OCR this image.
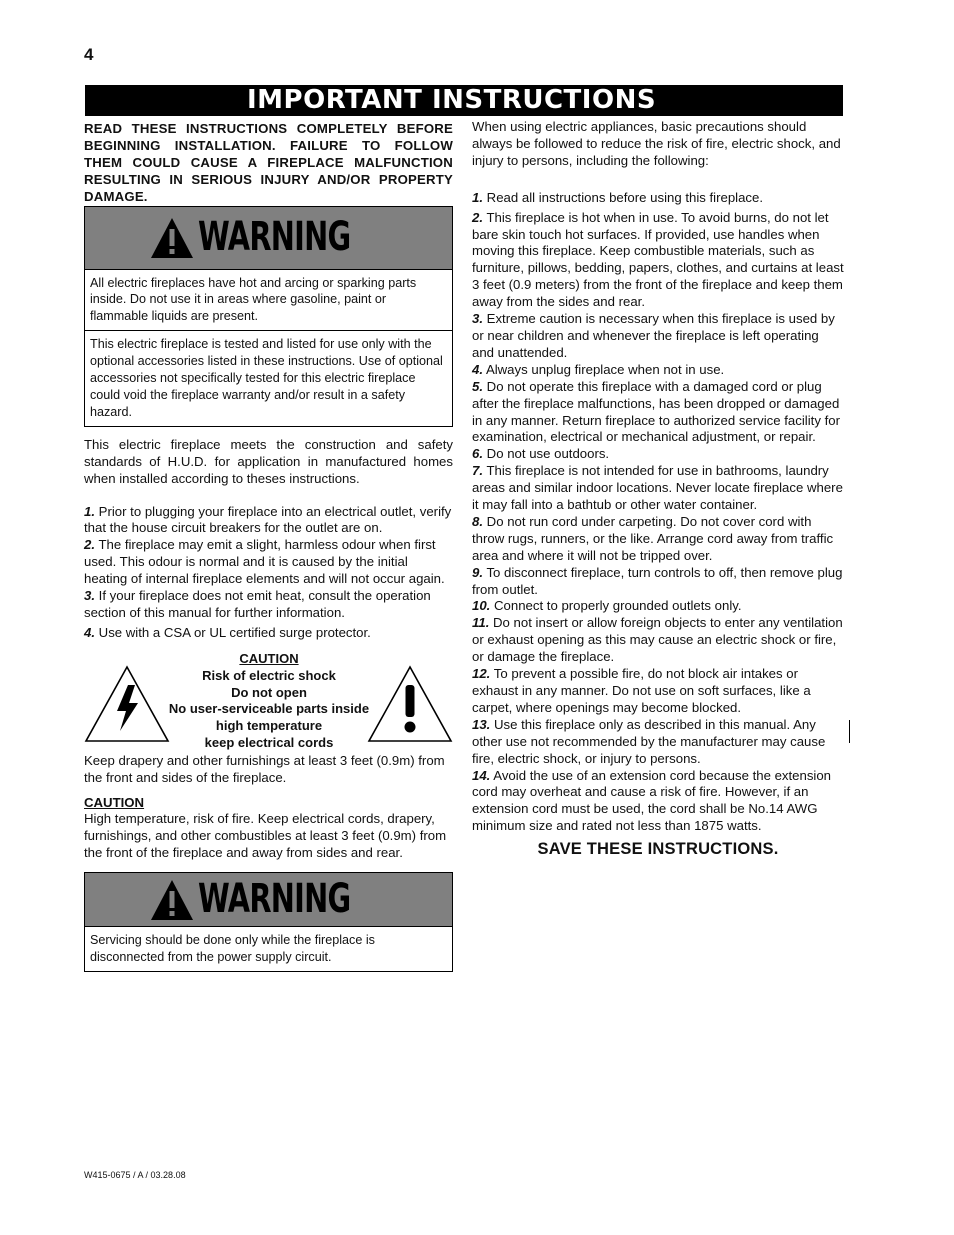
4
IMPORTANT INSTRUCTIONS

READ THESE INSTRUCTIONS COMPLETELY BEFORE BEGINNING INSTALLATION. FAILURE TO FOLLOW THEM COULD CAUSE A FIREPLACE MALFUNCTION RESULTING IN SERIOUS INJURY AND/OR PROPERTY DAMAGE.

WARNING
All electric fireplaces have hot and arcing or sparking parts inside. Do not use it in areas where gasoline, paint or flammable liquids are present.
This electric fireplace is tested and listed for use only with the optional accessories listed in these instructions. Use of optional accessories not specifically tested for this electric fireplace could void the fireplace warranty and/or result in a safety hazard.

This electric fireplace meets the construction and safety standards of H.U.D. for application in manufactured homes when installed according to theses instructions.

1. Prior to plugging your fireplace into an electrical outlet, verify that the house circuit breakers for the outlet are on.

2. The fireplace may emit a slight, harmless odour when first used. This odour is normal and it is caused by the initial heating of internal fireplace elements and will not occur again.

3. If your fireplace does not emit heat, consult the operation section of this manual for further information.

4. Use with a CSA or UL certified surge protector.

CAUTION
Risk of electric shock
Do not open
No user-serviceable parts inside
high temperature
keep electrical cords

Keep drapery and other furnishings at least 3 feet (0.9m) from the front and sides of the fireplace.

CAUTION

High temperature, risk of fire. Keep electrical cords, drapery, furnishings, and other combustibles at least 3 feet (0.9m) from the front of the fireplace and away from sides and rear.

WARNING
Servicing should be done only while the fireplace is disconnected from the power supply circuit.

When using electric appliances, basic precautions should always be followed to reduce the risk of fire, electric shock, and injury to persons, including the following:

1. Read all instructions before using this fireplace.

2. This fireplace is hot when in use. To avoid burns, do not let bare skin touch hot surfaces. If provided, use handles when moving this fireplace. Keep combustible materials, such as furniture, pillows, bedding, papers, clothes, and curtains at least 3 feet (0.9 meters) from the front of the fireplace and keep them away from the sides and rear.

3. Extreme caution is necessary when this fireplace is used by or near children and whenever the fireplace is left operating and unattended.

4. Always unplug fireplace when not in use.

5. Do not operate this fireplace with a damaged cord or plug after the fireplace malfunctions, has been dropped or damaged in any manner. Return fireplace to authorized service facility for examination, electrical or mechanical adjustment, or repair.

6. Do not use outdoors.

7. This fireplace is not intended for use in bathrooms, laundry areas and similar indoor locations. Never locate fireplace where it may fall into a bathtub or other water container.

8. Do not run cord under carpeting. Do not cover cord with throw rugs, runners, or the like. Arrange cord away from traffic area and where it will not be tripped over.

9. To disconnect fireplace, turn controls to off, then remove plug from outlet.

10. Connect to properly grounded outlets only.

11. Do not insert or allow foreign objects to enter any ventilation or exhaust opening as this may cause an electric shock or fire, or damage the fireplace.

12. To prevent a possible fire, do not block air intakes or exhaust in any manner. Do not use on soft surfaces, like a carpet, where openings may become blocked.

13. Use this fireplace only as described in this manual. Any other use not recommended by the manufacturer may cause fire, electric shock, or injury to persons.

14. Avoid the use of an extension cord because the extension cord may overheat and cause a risk of fire. However, if an extension cord must be used, the cord shall be No.14 AWG minimum size and rated not less than 1875 watts.

SAVE THESE INSTRUCTIONS.
W415-0675 / A / 03.28.08
